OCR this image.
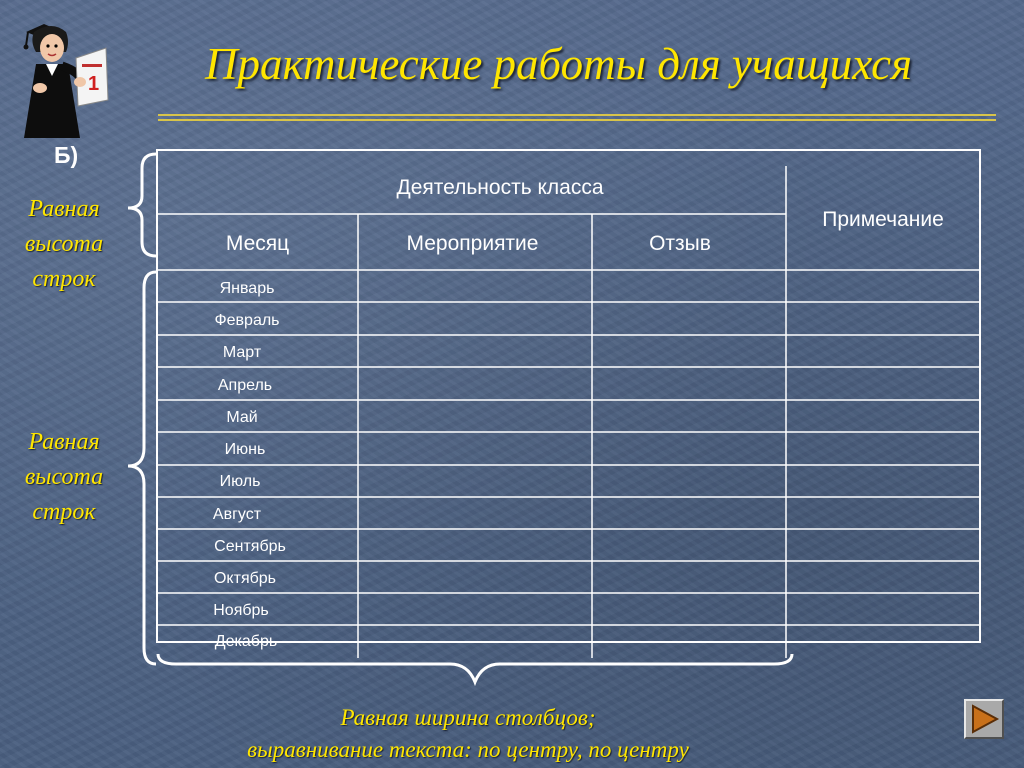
1 Практические работы для учащихся
Б)
Равная
высота
строк
Равная
высота
строк
Деятельность класса
Примечание
Месяц	Мероприятие	Отзыв
Январь
Февраль
Март
Апрель
Май
Июнь
Июль
Август
Сентябрь
Октябрь
Ноябрь
Декабрь
Равная ширина столбцов;
выравнивание текста: по центру, по центру
